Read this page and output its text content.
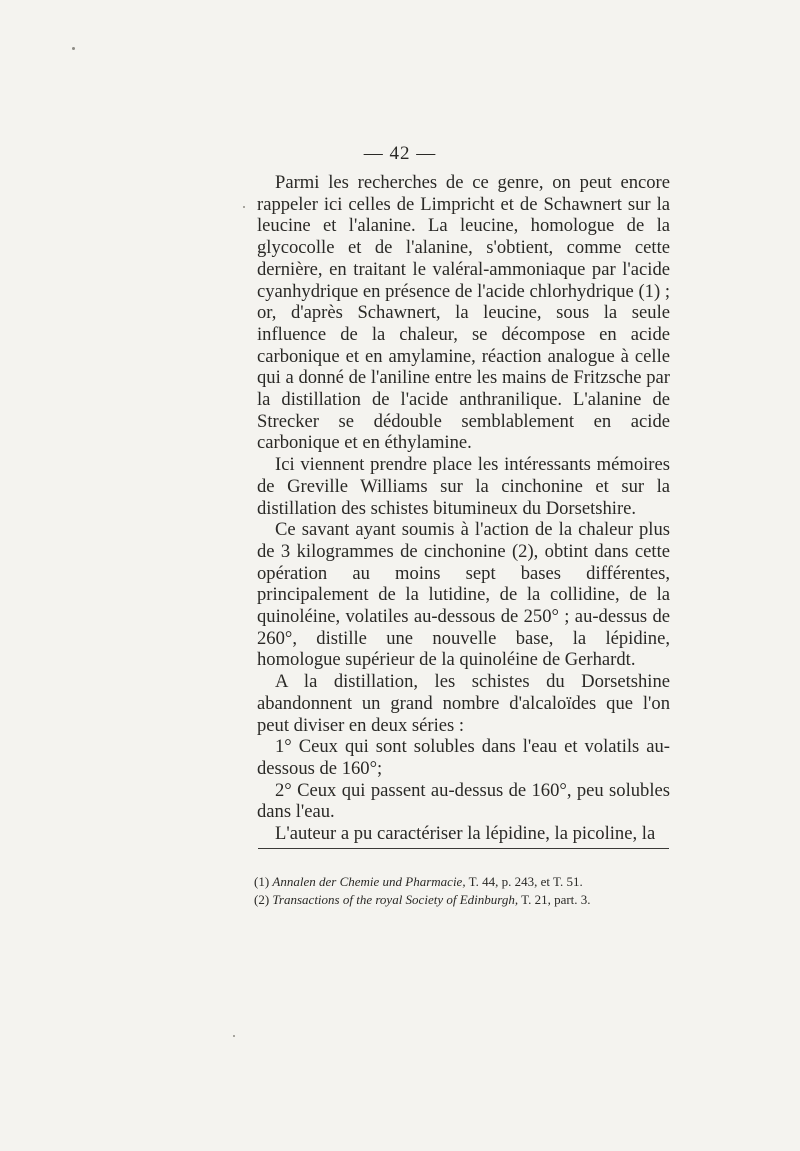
— 42 —

Parmi les recherches de ce genre, on peut encore rappeler ici celles de Limpricht et de Schawnert sur la leucine et l'alanine. La leucine, homologue de la glycocolle et de l'alanine, s'obtient, comme cette dernière, en traitant le valéral-ammoniaque par l'acide cyanhydrique en présence de l'acide chlorhydrique (1) ; or, d'après Schawnert, la leucine, sous la seule influence de la chaleur, se décompose en acide carbonique et en amylamine, réaction analogue à celle qui a donné de l'aniline entre les mains de Fritzsche par la distillation de l'acide anthranilique. L'alanine de Strecker se dédouble semblablement en acide carbonique et en éthylamine.

Ici viennent prendre place les intéressants mémoires de Greville Williams sur la cinchonine et sur la distillation des schistes bitumineux du Dorsetshire.

Ce savant ayant soumis à l'action de la chaleur plus de 3 kilogrammes de cinchonine (2), obtint dans cette opération au moins sept bases différentes, principalement de la lutidine, de la collidine, de la quinoléine, volatiles au-dessous de 250° ; au-dessus de 260°, distille une nouvelle base, la lépidine, homologue supérieur de la quinoléine de Gerhardt.

A la distillation, les schistes du Dorsetshine abandonnent un grand nombre d'alcaloïdes que l'on peut diviser en deux séries :

1° Ceux qui sont solubles dans l'eau et volatils au-dessous de 160°;

2° Ceux qui passent au-dessus de 160°, peu solubles dans l'eau.

L'auteur a pu caractériser la lépidine, la picoline, la

(1) Annalen der Chemie und Pharmacie, T. 44, p. 243, et T. 51.

(2) Transactions of the royal Society of Edinburgh, T. 21, part. 3.
